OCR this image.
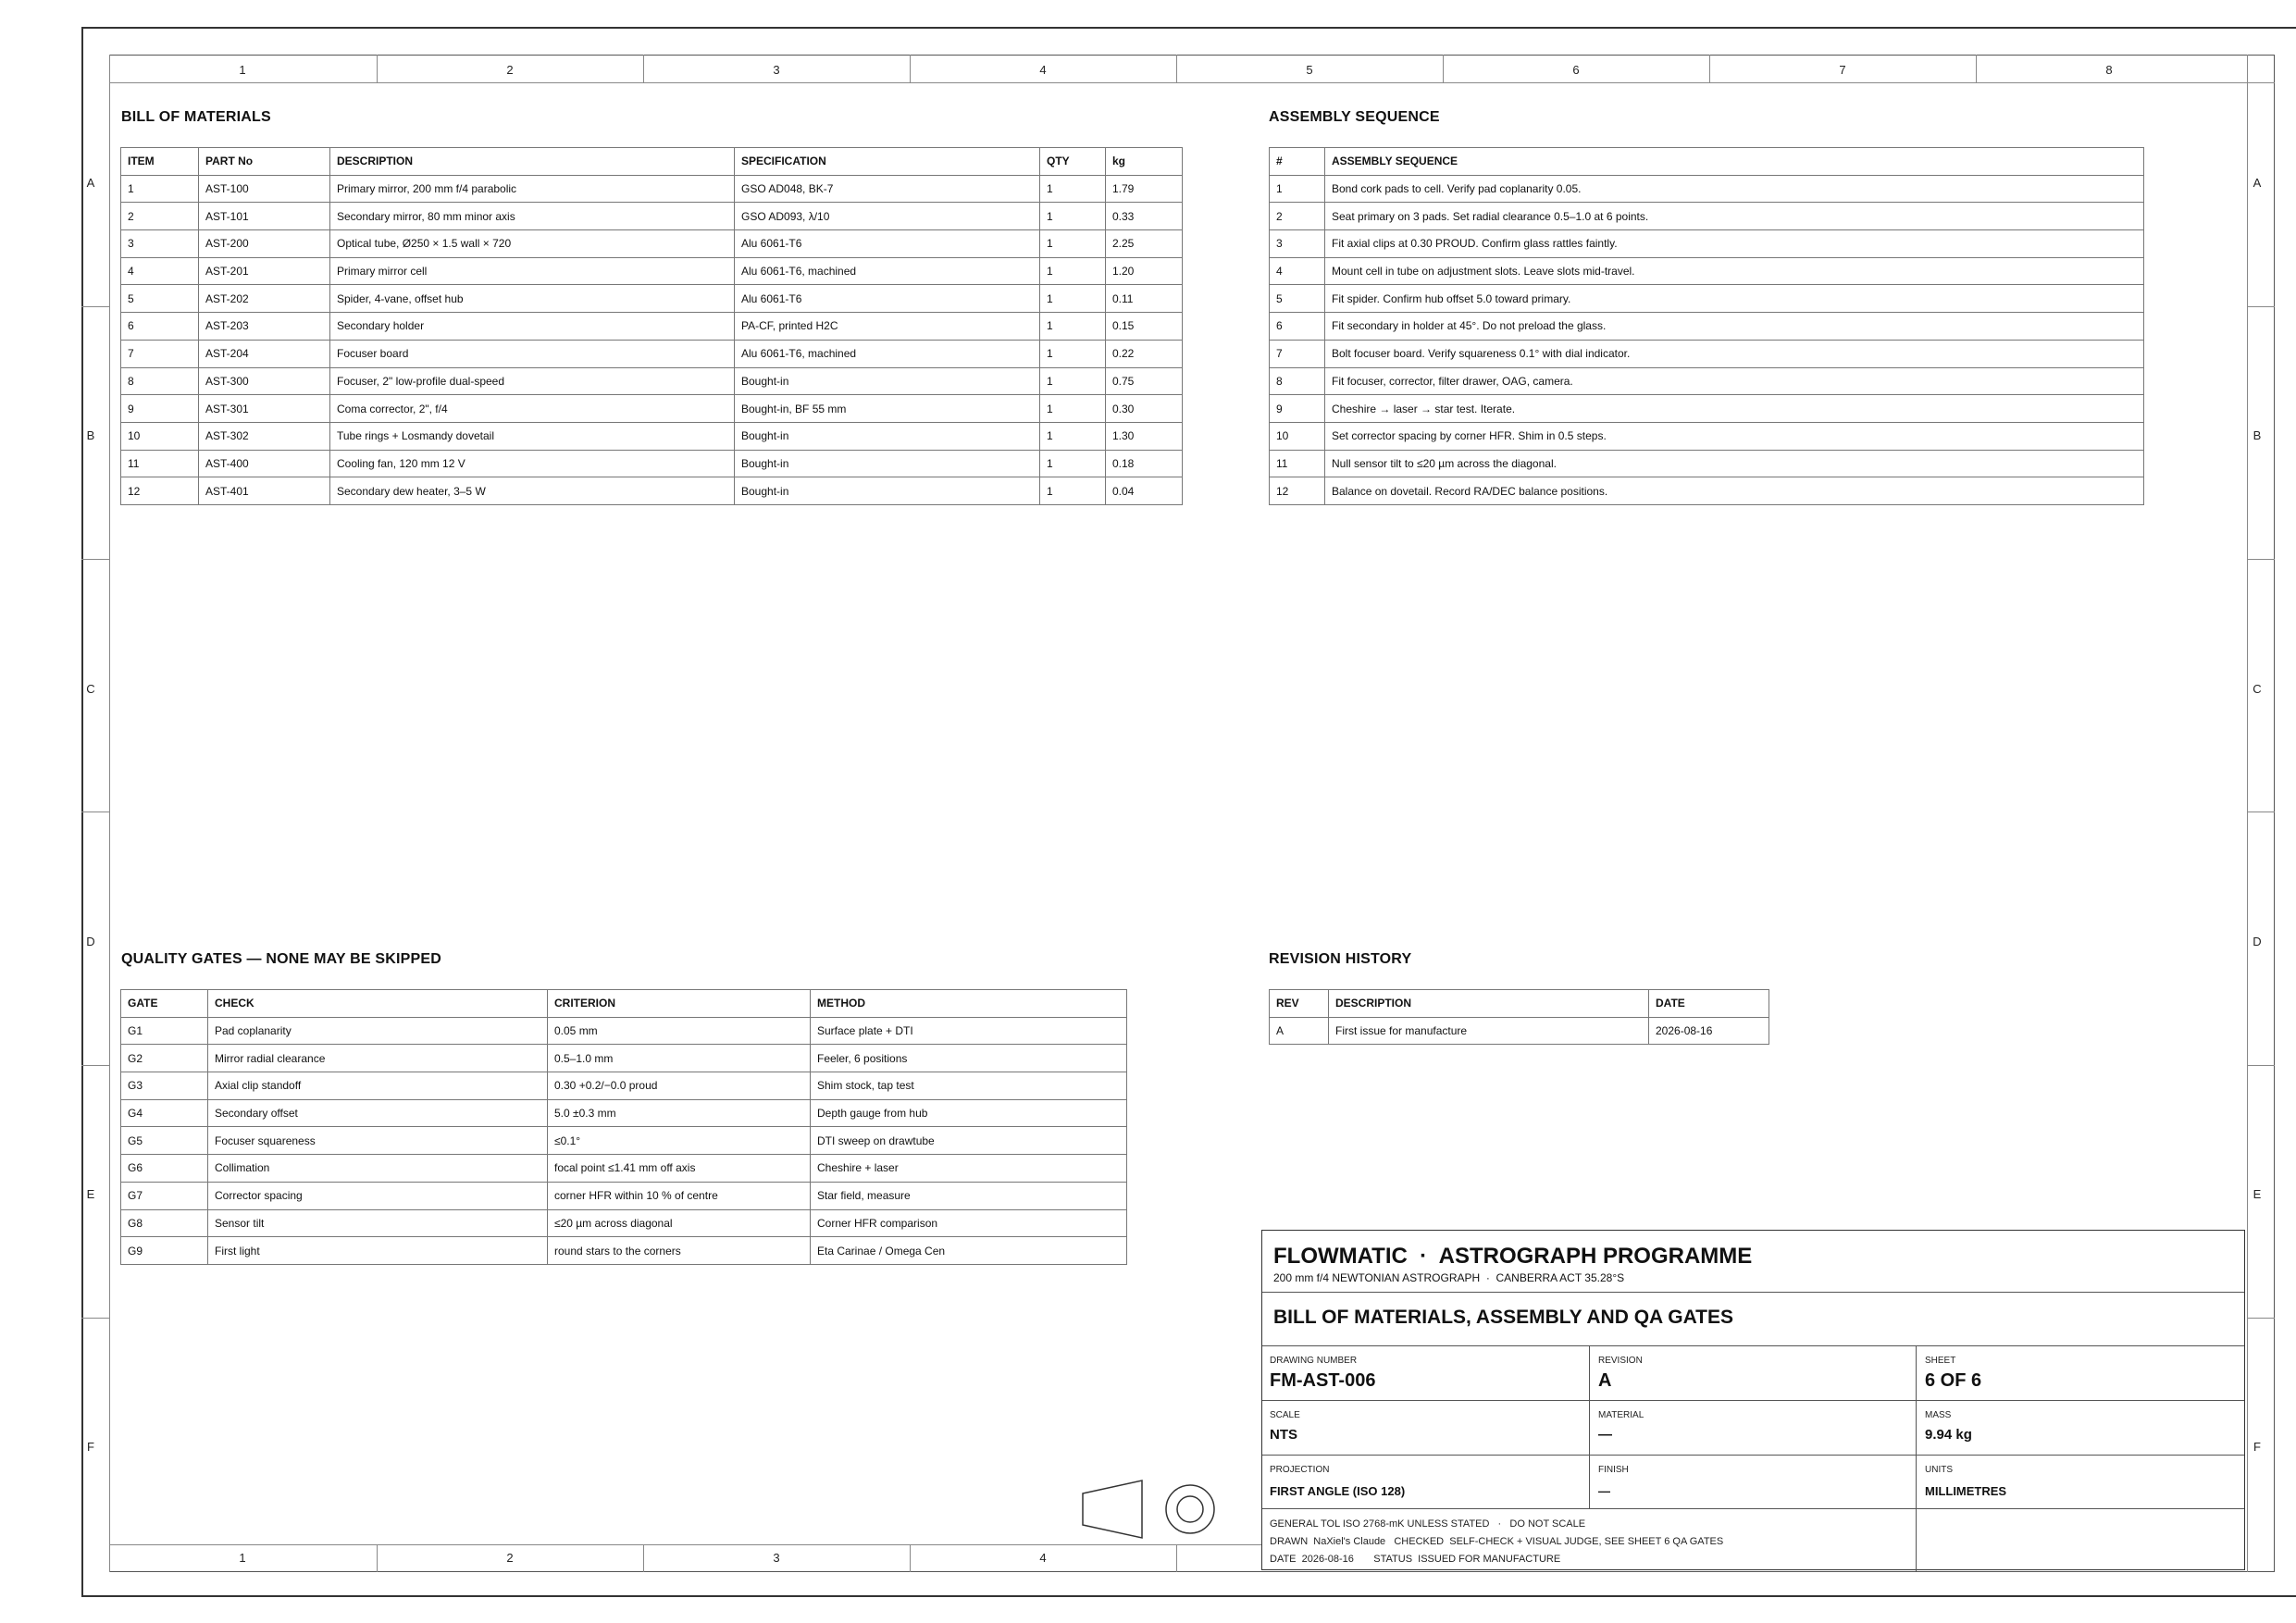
1	2	3	4	5	6	7	8
1	2	3	4
A	A
B	B
C	C
D	D
E	E
F	F
BILL OF MATERIALS
ITEM	PART No	DESCRIPTION	SPECIFICATION	QTY	kg
1	AST-100	Primary mirror, 200 mm f/4 parabolic	GSO AD048, BK-7	1	1.79
2	AST-101	Secondary mirror, 80 mm minor axis	GSO AD093, λ/10	1	0.33
3	AST-200	Optical tube, Ø250 × 1.5 wall × 720	Alu 6061-T6	1	2.25
4	AST-201	Primary mirror cell	Alu 6061-T6, machined	1	1.20
5	AST-202	Spider, 4-vane, offset hub	Alu 6061-T6	1	0.11
6	AST-203	Secondary holder	PA-CF, printed H2C	1	0.15
7	AST-204	Focuser board	Alu 6061-T6, machined	1	0.22
8	AST-300	Focuser, 2" low-profile dual-speed	Bought-in	1	0.75
9	AST-301	Coma corrector, 2", f/4	Bought-in, BF 55 mm	1	0.30
10	AST-302	Tube rings + Losmandy dovetail	Bought-in	1	1.30
11	AST-400	Cooling fan, 120 mm 12 V	Bought-in	1	0.18
12	AST-401	Secondary dew heater, 3–5 W	Bought-in	1	0.04
ASSEMBLY SEQUENCE
#	ASSEMBLY SEQUENCE
1	Bond cork pads to cell. Verify pad coplanarity 0.05.
2	Seat primary on 3 pads. Set radial clearance 0.5–1.0 at 6 points.
3	Fit axial clips at 0.30 PROUD. Confirm glass rattles faintly.
4	Mount cell in tube on adjustment slots. Leave slots mid-travel.
5	Fit spider. Confirm hub offset 5.0 toward primary.
6	Fit secondary in holder at 45°. Do not preload the glass.
7	Bolt focuser board. Verify squareness 0.1° with dial indicator.
8	Fit focuser, corrector, filter drawer, OAG, camera.
9	Cheshire → laser → star test. Iterate.
10	Set corrector spacing by corner HFR. Shim in 0.5 steps.
11	Null sensor tilt to ≤20 µm across the diagonal.
12	Balance on dovetail. Record RA/DEC balance positions.
QUALITY GATES — NONE MAY BE SKIPPED
GATE	CHECK	CRITERION	METHOD
G1	Pad coplanarity	0.05 mm	Surface plate + DTI
G2	Mirror radial clearance	0.5–1.0 mm	Feeler, 6 positions
G3	Axial clip standoff	0.30 +0.2/−0.0 proud	Shim stock, tap test
G4	Secondary offset	5.0 ±0.3 mm	Depth gauge from hub
G5	Focuser squareness	≤0.1°	DTI sweep on drawtube
G6	Collimation	focal point ≤1.41 mm off axis	Cheshire + laser
G7	Corrector spacing	corner HFR within 10 % of centre	Star field, measure
G8	Sensor tilt	≤20 µm across diagonal	Corner HFR comparison
G9	First light	round stars to the corners	Eta Carinae / Omega Cen
REVISION HISTORY
REV	DESCRIPTION	DATE
A	First issue for manufacture	2026-08-16
FLOWMATIC  ·  ASTROGRAPH PROGRAMME
200 mm f/4 NEWTONIAN ASTROGRAPH  ·  CANBERRA ACT 35.28°S
BILL OF MATERIALS, ASSEMBLY AND QA GATES
DRAWING NUMBER
FM-AST-006
REVISION
A
SHEET
6 OF 6
SCALE
NTS
MATERIAL
—
MASS
9.94 kg
PROJECTION
FIRST ANGLE (ISO 128)
FINISH
—
UNITS
MILLIMETRES
GENERAL TOL ISO 2768-mK UNLESS STATED   ·   DO NOT SCALE
DRAWN  NaXiel's Claude   CHECKED  SELF-CHECK + VISUAL JUDGE, SEE SHEET 6 QA GATES
DATE  2026-08-16       STATUS  ISSUED FOR MANUFACTURE
